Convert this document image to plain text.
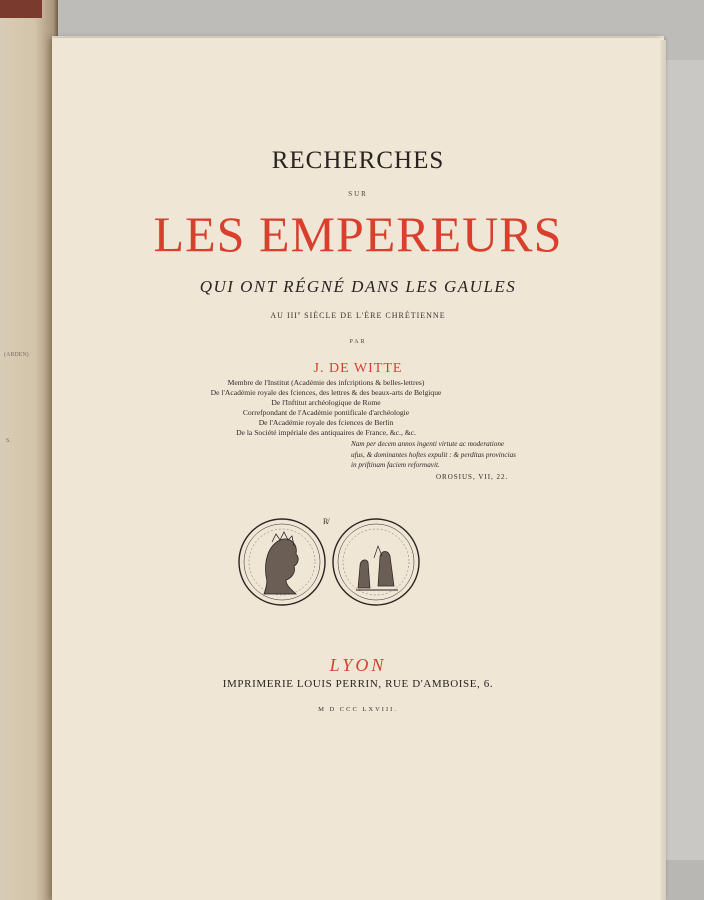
(ARDEN)
S.
RECHERCHES
SUR
LES EMPEREURS
QUI ONT RÉGNÉ DANS LES GAULES
AU IIIe SIÈCLE DE L'ÈRE CHRÉTIENNE
PAR
J. DE WITTE
Membre de l'Institut (Académie des infcriptions & belles-lettres)
De l'Académie royale des fciences, des lettres & des beaux-arts de Belgique
De l'Inftitut archéologique de Rome
Correfpondant de l'Académie pontificale d'archéologie
De l'Académie royale des fciences de Berlin
De la Société impériale des antiquaires de France, &c., &c.
Nam per decem annos ingenti virtute ac moderatione
ufus, & dominantes hoftes expulit : & perditas provincias
in priftinam faciem reformavit.
OROSIUS, VII, 22.
R̸
LYON
IMPRIMERIE LOUIS PERRIN, RUE D'AMBOISE, 6.
M D CCC LXVIII.
